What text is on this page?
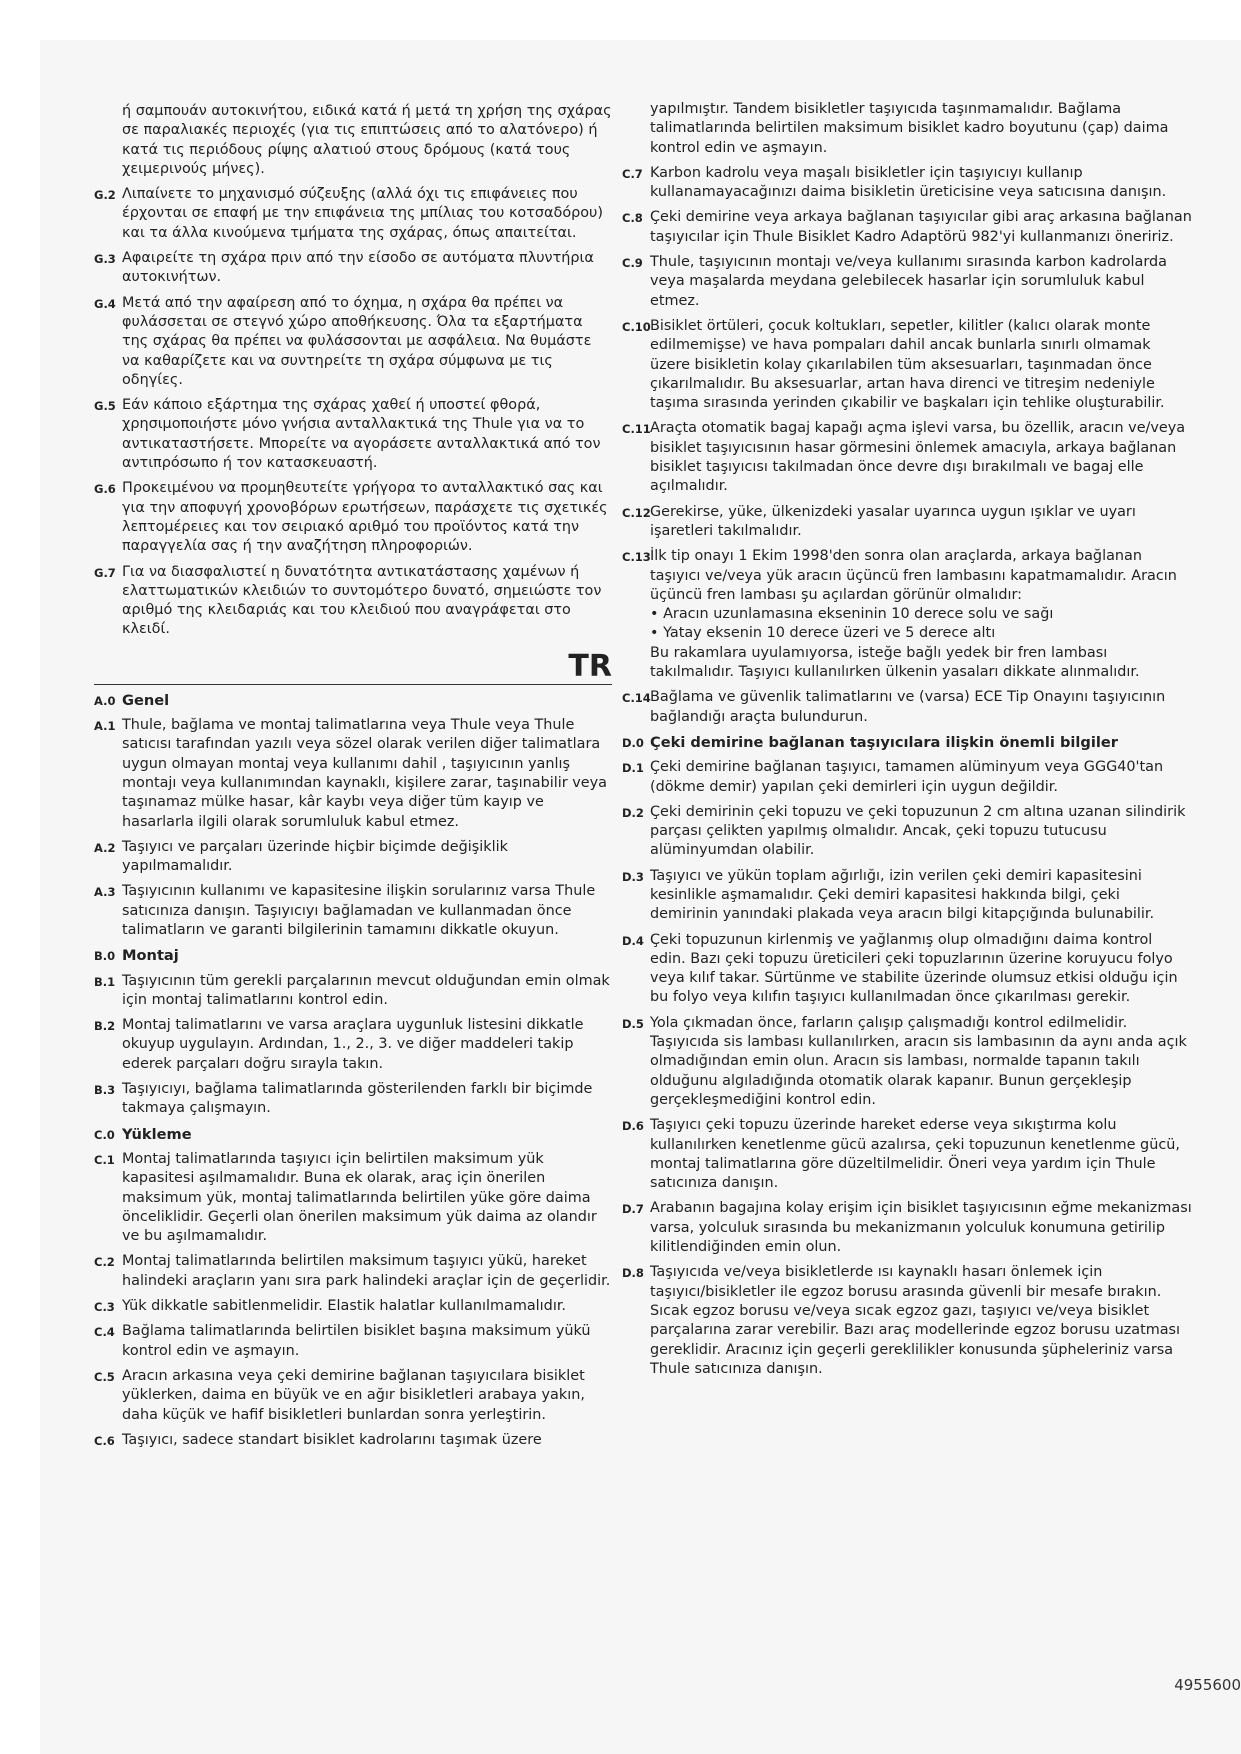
ή σαμπουάν αυτοκινήτου, ειδικά κατά ή μετά τη χρήση της σχάρας σε παραλιακές περιοχές (για τις επιπτώσεις από το αλατόνερο) ή κατά τις περιόδους ρίψης αλατιού στους δρόμους (κατά τους χειμερινούς μήνες).
G.2 Λιπαίνετε το μηχανισμό σύζευξης (αλλά όχι τις επιφάνειες που έρχονται σε επαφή με την επιφάνεια της μπίλιας του κοτσαδόρου) και τα άλλα κινούμενα τμήματα της σχάρας, όπως απαιτείται.
G.3 Αφαιρείτε τη σχάρα πριν από την είσοδο σε αυτόματα πλυντήρια αυτοκινήτων.
G.4 Μετά από την αφαίρεση από το όχημα, η σχάρα θα πρέπει να φυλάσσεται σε στεγνό χώρο αποθήκευσης. Όλα τα εξαρτήματα της σχάρας θα πρέπει να φυλάσσονται με ασφάλεια. Να θυμάστε να καθαρίζετε και να συντηρείτε τη σχάρα σύμφωνα με τις οδηγίες.
G.5 Εάν κάποιο εξάρτημα της σχάρας χαθεί ή υποστεί φθορά, χρησιμοποιήστε μόνο γνήσια ανταλλακτικά της Thule για να το αντικαταστήσετε. Μπορείτε να αγοράσετε ανταλλακτικά από τον αντιπρόσωπο ή τον κατασκευαστή.
G.6 Προκειμένου να προμηθευτείτε γρήγορα το ανταλλακτικό σας και για την αποφυγή χρονοβόρων ερωτήσεων, παράσχετε τις σχετικές λεπτομέρειες και τον σειριακό αριθμό του προϊόντος κατά την παραγγελία σας ή την αναζήτηση πληροφοριών.
G.7 Για να διασφαλιστεί η δυνατότητα αντικατάστασης χαμένων ή ελαττωματικών κλειδιών το συντομότερο δυνατό, σημειώστε τον αριθμό της κλειδαριάς και του κλειδιού που αναγράφεται στο κλειδί.
TR
A.0 Genel
A.1 Thule, bağlama ve montaj talimatlarına veya Thule veya Thule satıcısı tarafından yazılı veya sözel olarak verilen diğer talimatlara uygun olmayan montaj veya kullanımı dahil , taşıyıcının yanlış montajı veya kullanımından kaynaklı, kişilere zarar, taşınabilir veya taşınamaz mülke hasar, kâr kaybı veya diğer tüm kayıp ve hasarlarla ilgili olarak sorumluluk kabul etmez.
A.2 Taşıyıcı ve parçaları üzerinde hiçbir biçimde değişiklik yapılmamalıdır.
A.3 Taşıyıcının kullanımı ve kapasitesine ilişkin sorularınız varsa Thule satıcınıza danışın. Taşıyıcıyı bağlamadan ve kullanmadan önce talimatların ve garanti bilgilerinin tamamını dikkatle okuyun.
B.0 Montaj
B.1 Taşıyıcının tüm gerekli parçalarının mevcut olduğundan emin olmak için montaj talimatlarını kontrol edin.
B.2 Montaj talimatlarını ve varsa araçlara uygunluk listesini dikkatle okuyup uygulayın. Ardından, 1., 2., 3. ve diğer maddeleri takip ederek parçaları doğru sırayla takın.
B.3 Taşıyıcıyı, bağlama talimatlarında gösterilenden farklı bir biçimde takmaya çalışmayın.
C.0 Yükleme
C.1 Montaj talimatlarında taşıyıcı için belirtilen maksimum yük kapasitesi aşılmamalıdır. Buna ek olarak, araç için önerilen maksimum yük, montaj talimatlarında belirtilen yüke göre daima önceliklidir. Geçerli olan önerilen maksimum yük daima az olandır ve bu aşılmamalıdır.
C.2 Montaj talimatlarında belirtilen maksimum taşıyıcı yükü, hareket halindeki araçların yanı sıra park halindeki araçlar için de geçerlidir.
C.3 Yük dikkatle sabitlenmelidir. Elastik halatlar kullanılmamalıdır.
C.4 Bağlama talimatlarında belirtilen bisiklet başına maksimum yükü kontrol edin ve aşmayın.
C.5 Aracın arkasına veya çeki demirine bağlanan taşıyıcılara bisiklet yüklerken, daima en büyük ve en ağır bisikletleri arabaya yakın, daha küçük ve hafif bisikletleri bunlardan sonra yerleştirin.
C.6 Taşıyıcı, sadece standart bisiklet kadrolarını taşımak üzere
yapılmıştır. Tandem bisikletler taşıyıcıda taşınmamalıdır. Bağlama talimatlarında belirtilen maksimum bisiklet kadro boyutunu (çap) daima kontrol edin ve aşmayın.
C.7 Karbon kadrolu veya maşalı bisikletler için taşıyıcıyı kullanıp kullanamayacağınızı daima bisikletin üreticisine veya satıcısına danışın.
C.8 Çeki demirine veya arkaya bağlanan taşıyıcılar gibi araç arkasına bağlanan taşıyıcılar için Thule Bisiklet Kadro Adaptörü 982'yi kullanmanızı öneririz.
C.9 Thule, taşıyıcının montajı ve/veya kullanımı sırasında karbon kadrolarda veya maşalarda meydana gelebilecek hasarlar için sorumluluk kabul etmez.
C.10 Bisiklet örtüleri, çocuk koltukları, sepetler, kilitler (kalıcı olarak monte edilmemişse) ve hava pompaları dahil ancak bunlarla sınırlı olmamak üzere bisikletin kolay çıkarılabilen tüm aksesuarları, taşınmadan önce çıkarılmalıdır. Bu aksesuarlar, artan hava direnci ve titreşim nedeniyle taşıma sırasında yerinden çıkabilir ve başkaları için tehlike oluşturabilir.
C.11 Araçta otomatik bagaj kapağı açma işlevi varsa, bu özellik, aracın ve/veya bisiklet taşıyıcısının hasar görmesini önlemek amacıyla, arkaya bağlanan bisiklet taşıyıcısı takılmadan önce devre dışı bırakılmalı ve bagaj elle açılmalıdır.
C.12 Gerekirse, yüke, ülkenizdeki yasalar uyarınca uygun ışıklar ve uyarı işaretleri takılmalıdır.
C.13 İlk tip onayı 1 Ekim 1998'den sonra olan araçlarda, arkaya bağlanan taşıyıcı ve/veya yük aracın üçüncü fren lambasını kapatmamalıdır. Aracın üçüncü fren lambası şu açılardan görünür olmalıdır:
• Aracın uzunlamasına ekseninin 10 derece solu ve sağı
• Yatay eksenin 10 derece üzeri ve 5 derece altı
Bu rakamlara uyulamıyorsa, isteğe bağlı yedek bir fren lambası takılmalıdır. Taşıyıcı kullanılırken ülkenin yasaları dikkate alınmalıdır.
C.14 Bağlama ve güvenlik talimatlarını ve (varsa) ECE Tip Onayını taşıyıcının bağlandığı araçta bulundurun.
D.0 Çeki demirine bağlanan taşıyıcılara ilişkin önemli bilgiler
D.1 Çeki demirine bağlanan taşıyıcı, tamamen alüminyum veya GGG40'tan (dökme demir) yapılan çeki demirleri için uygun değildir.
D.2 Çeki demirinin çeki topuzu ve çeki topuzunun 2 cm altına uzanan silindirik parçası çelikten yapılmış olmalıdır. Ancak, çeki topuzu tutucusu alüminyumdan olabilir.
D.3 Taşıyıcı ve yükün toplam ağırlığı, izin verilen çeki demiri kapasitesini kesinlikle aşmamalıdır. Çeki demiri kapasitesi hakkında bilgi, çeki demirinin yanındaki plakada veya aracın bilgi kitapçığında bulunabilir.
D.4 Çeki topuzunun kirlenmiş ve yağlanmış olup olmadığını daima kontrol edin. Bazı çeki topuzu üreticileri çeki topuzlarının üzerine koruyucu folyo veya kılıf takar. Sürtünme ve stabilite üzerinde olumsuz etkisi olduğu için bu folyo veya kılıfın taşıyıcı kullanılmadan önce çıkarılması gerekir.
D.5 Yola çıkmadan önce, farların çalışıp çalışmadığı kontrol edilmelidir. Taşıyıcıda sis lambası kullanılırken, aracın sis lambasının da aynı anda açık olmadığından emin olun. Aracın sis lambası, normalde tapanın takılı olduğunu algıladığında otomatik olarak kapanır. Bunun gerçekleşip gerçekleşmediğini kontrol edin.
D.6 Taşıyıcı çeki topuzu üzerinde hareket ederse veya sıkıştırma kolu kullanılırken kenetlenme gücü azalırsa, çeki topuzunun kenetlenme gücü, montaj talimatlarına göre düzeltilmelidir. Öneri veya yardım için Thule satıcınıza danışın.
D.7 Arabanın bagajına kolay erişim için bisiklet taşıyıcısının eğme mekanizması varsa, yolculuk sırasında bu mekanizmanın yolculuk konumuna getirilip kilitlendiğinden emin olun.
D.8 Taşıyıcıda ve/veya bisikletlerde ısı kaynaklı hasarı önlemek için taşıyıcı/bisikletler ile egzoz borusu arasında güvenli bir mesafe bırakın. Sıcak egzoz borusu ve/veya sıcak egzoz gazı, taşıyıcı ve/veya bisiklet parçalarına zarar verebilir. Bazı araç modellerinde egzoz borusu uzatması gereklidir. Aracınız için geçerli gereklilikler konusunda şüpheleriniz varsa Thule satıcınıza danışın.
4955600
